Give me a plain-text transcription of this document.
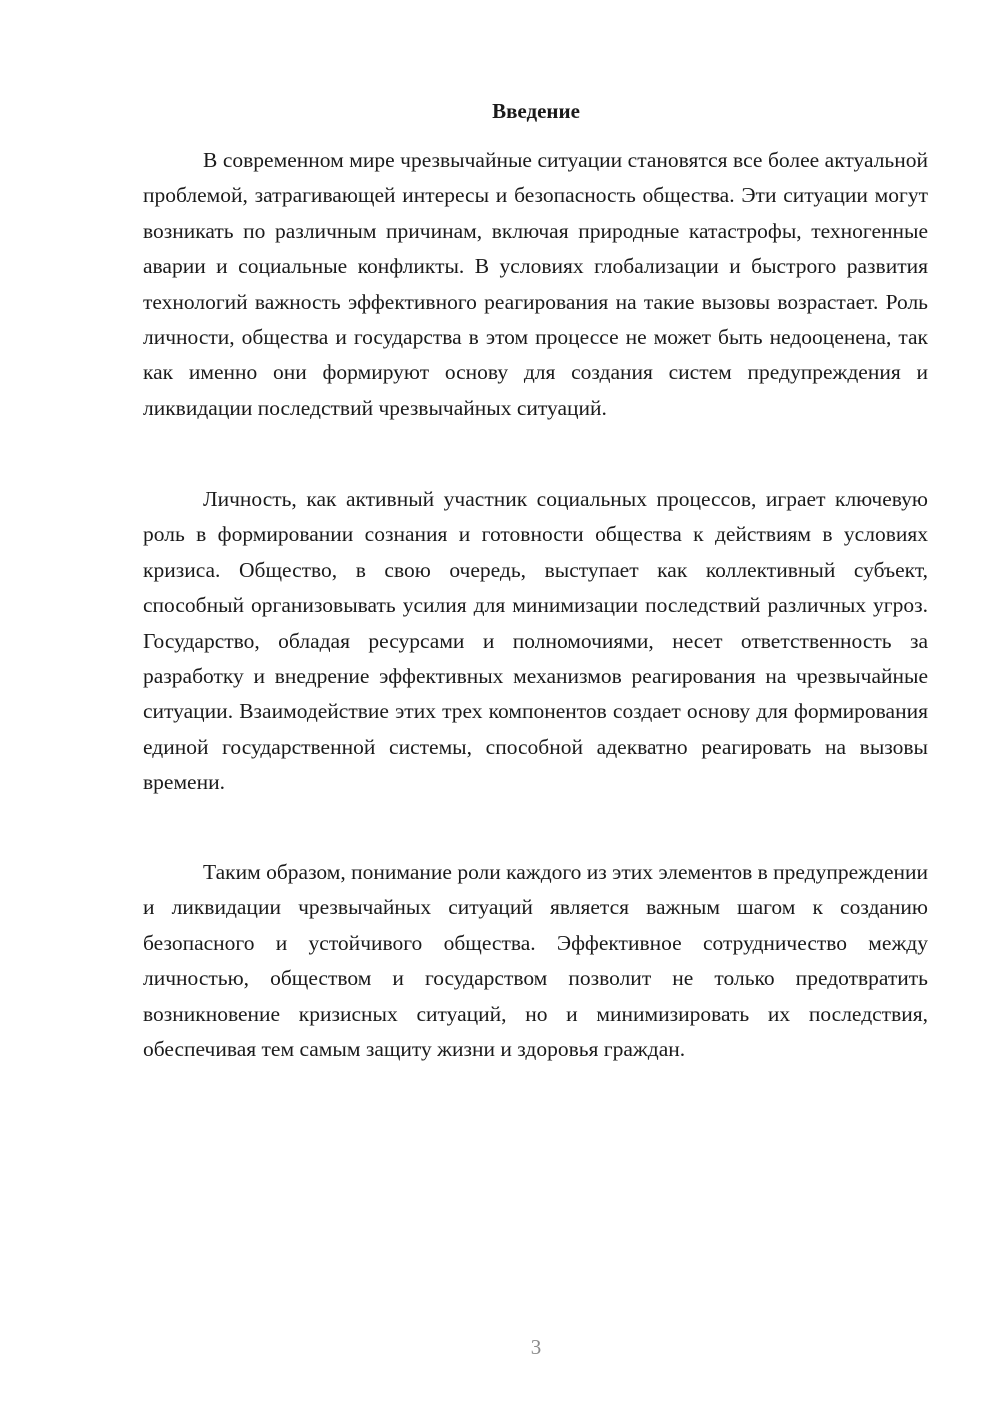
Введение

В современном мире чрезвычайные ситуации становятся все более актуальной проблемой, затрагивающей интересы и безопасность общества. Эти ситуации могут возникать по различным причинам, включая природные катастрофы, техногенные аварии и социальные конфликты. В условиях глобализации и быстрого развития технологий важность эффективного реагирования на такие вызовы возрастает. Роль личности, общества и государства в этом процессе не может быть недооценена, так как именно они формируют основу для создания систем предупреждения и ликвидации последствий чрезвычайных ситуаций.

Личность, как активный участник социальных процессов, играет ключевую роль в формировании сознания и готовности общества к действиям в условиях кризиса. Общество, в свою очередь, выступает как коллективный субъект, способный организовывать усилия для минимизации последствий различных угроз. Государство, обладая ресурсами и полномочиями, несет ответственность за разработку и внедрение эффективных механизмов реагирования на чрезвычайные ситуации. Взаимодействие этих трех компонентов создает основу для формирования единой государственной системы, способной адекватно реагировать на вызовы времени.

Таким образом, понимание роли каждого из этих элементов в предупреждении и ликвидации чрезвычайных ситуаций является важным шагом к созданию безопасного и устойчивого общества. Эффективное сотрудничество между личностью, обществом и государством позволит не только предотвратить возникновение кризисных ситуаций, но и минимизировать их последствия, обеспечивая тем самым защиту жизни и здоровья граждан.

3
